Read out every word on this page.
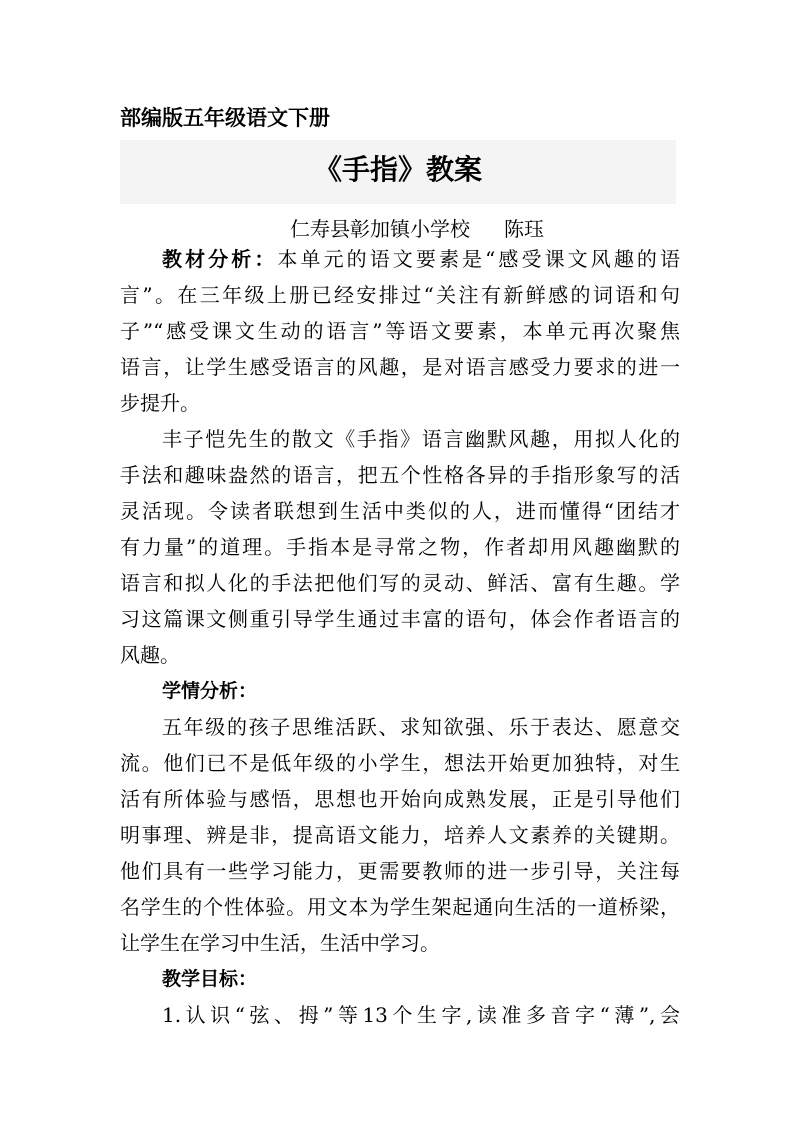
部编版五年级语文下册
《手指》教案
仁寿县彰加镇小学校 陈珏
教材分析：本单元的语文要素是“感受课文风趣的语
言”。在三年级上册已经安排过“关注有新鲜感的词语和句
子”“感受课文生动的语言”等语文要素，本单元再次聚焦
语言，让学生感受语言的风趣，是对语言感受力要求的进一
步提升。
丰子恺先生的散文《手指》语言幽默风趣，用拟人化的
手法和趣味盎然的语言，把五个性格各异的手指形象写的活
灵活现。令读者联想到生活中类似的人，进而懂得“团结才
有力量”的道理。手指本是寻常之物，作者却用风趣幽默的
语言和拟人化的手法把他们写的灵动、鲜活、富有生趣。学
习这篇课文侧重引导学生通过丰富的语句，体会作者语言的
风趣。
学情分析：
五年级的孩子思维活跃、求知欲强、乐于表达、愿意交
流。他们已不是低年级的小学生，想法开始更加独特，对生
活有所体验与感悟，思想也开始向成熟发展，正是引导他们
明事理、辨是非，提高语文能力，培养人文素养的关键期。
他们具有一些学习能力，更需要教师的进一步引导，关注每
名学生的个性体验。用文本为学生架起通向生活的一道桥梁，
让学生在学习中生活，生活中学习。
教学目标：
1.认识“弦、拇”等13个生字,读准多音字“薄”,会
